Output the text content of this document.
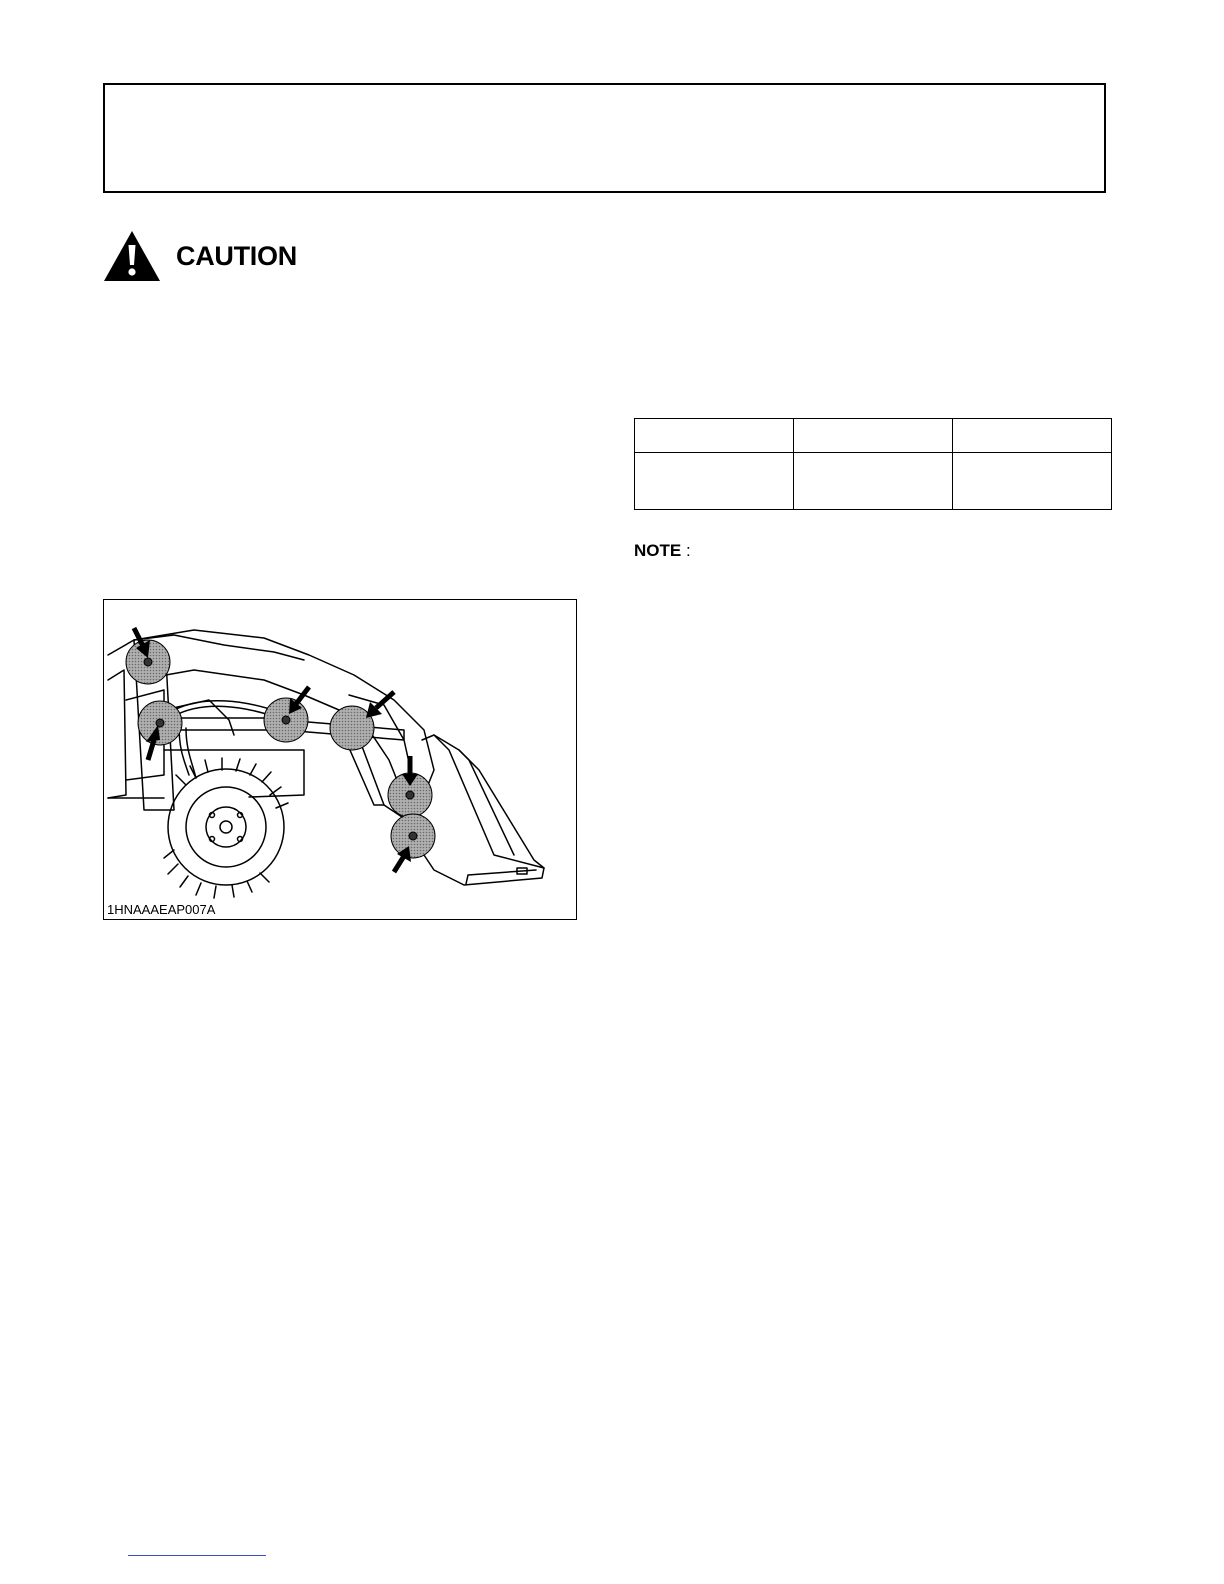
CAUTION

NOTE :
1HNAAAEAP007A
